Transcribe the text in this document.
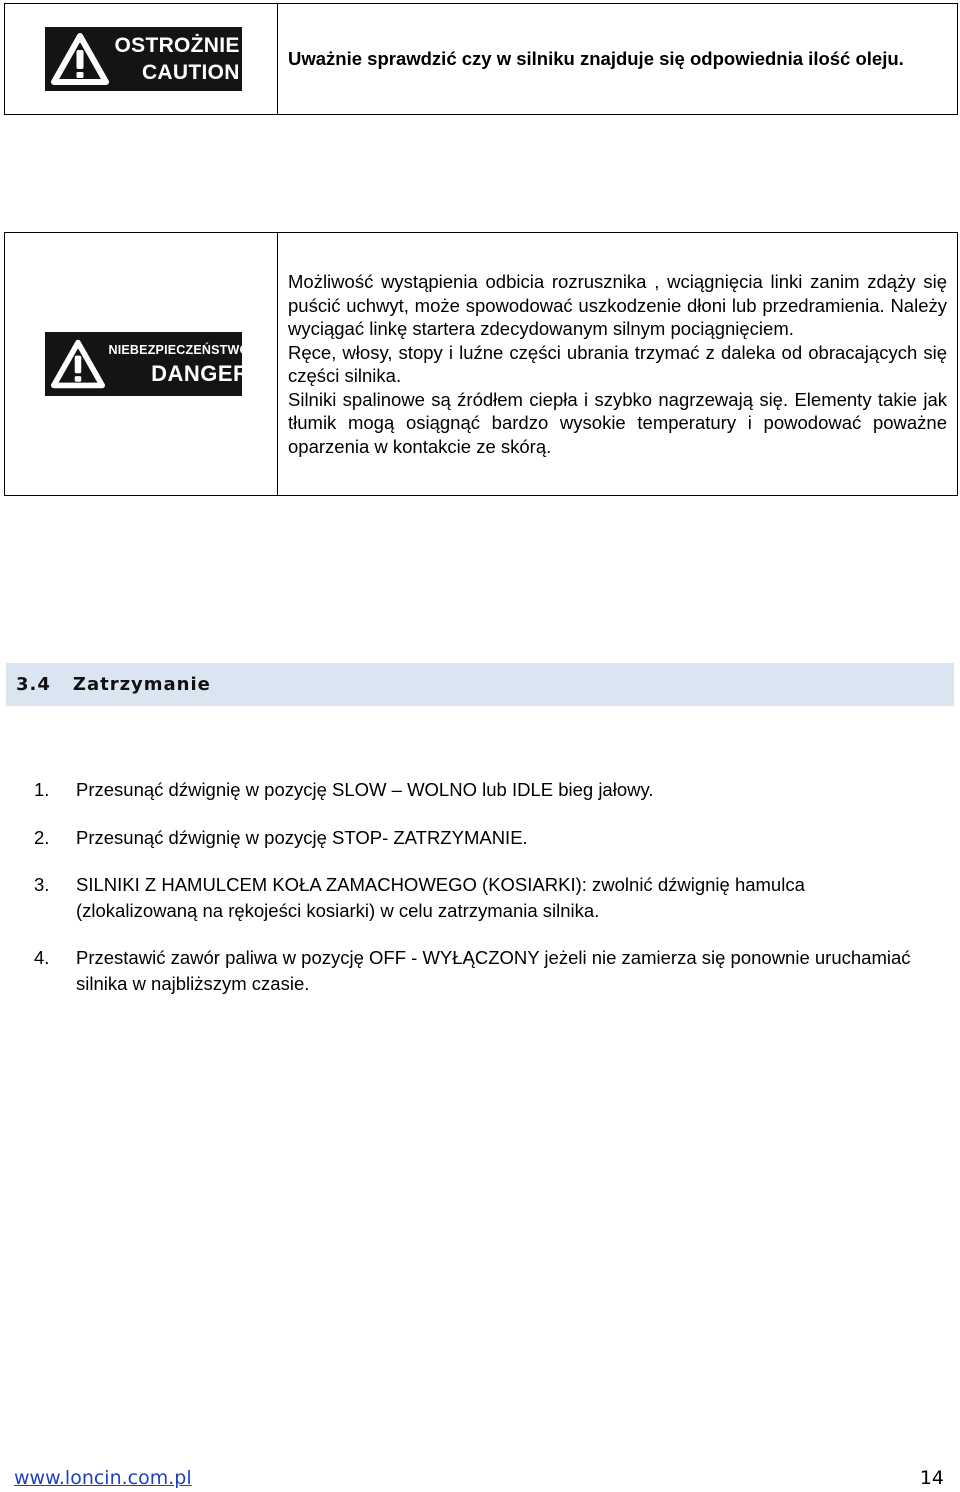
OSTROŻNIE
CAUTION

Uważnie sprawdzić czy w silniku znajduje się odpowiednia ilość oleju.

NIEBEZPIECZEŃSTWO
DANGER

Możliwość wystąpienia odbicia rozrusznika , wciągnięcia linki zanim zdąży się puścić uchwyt, może spowodować uszkodzenie dłoni lub przedramienia. Należy wyciągać linkę startera zdecydowanym silnym pociągnięciem.

Ręce, włosy, stopy i luźne części ubrania trzymać z daleka od obracających się części silnika.

Silniki spalinowe są źródłem ciepła i szybko nagrzewają się. Elementy takie jak tłumik mogą osiągnąć bardzo wysokie temperatury i powodować poważne oparzenia w kontakcie ze skórą.

3.4 Zatrzymanie
1.	Przesunąć dźwignię w pozycję SLOW – WOLNO lub IDLE bieg jałowy.
2.	Przesunąć dźwignię w pozycję STOP- ZATRZYMANIE.
3.	SILNIKI Z HAMULCEM KOŁA ZAMACHOWEGO (KOSIARKI): zwolnić dźwignię hamulca (zlokalizowaną na rękojeści kosiarki) w celu zatrzymania silnika.
4.	Przestawić zawór paliwa w pozycję OFF - WYŁĄCZONY jeżeli nie zamierza się ponownie uruchamiać silnika w najbliższym czasie.
www.loncin.com.pl	14
